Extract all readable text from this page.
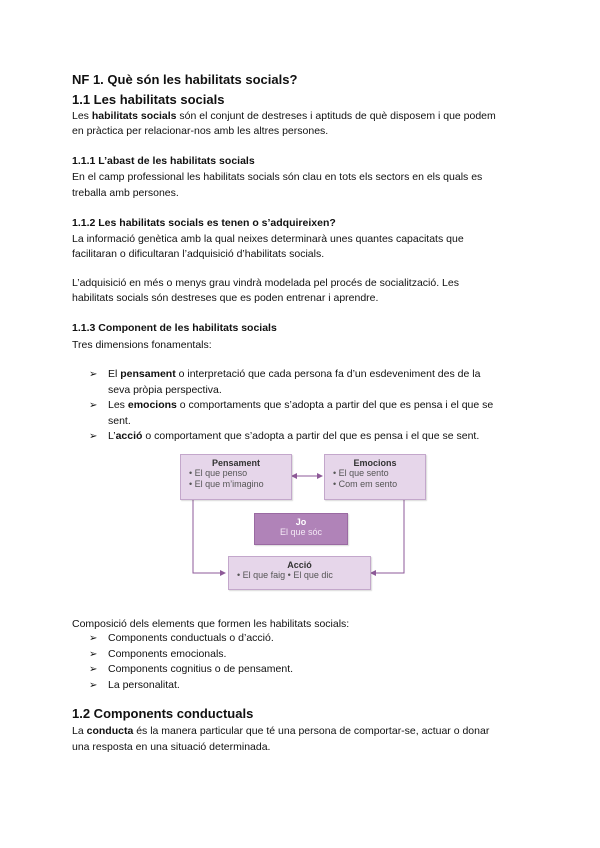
NF 1. Què són les habilitats socials?
1.1 Les habilitats socials

Les habilitats socials són el conjunt de destreses i aptituds de què disposem i que podem

en pràctica per relacionar-nos amb les altres persones.

1.1.1 L’abast de les habilitats socials

En el camp professional les habilitats socials són clau en tots els sectors en els quals es

treballa amb persones.

1.1.2 Les habilitats socials es tenen o s’adquireixen?

La informació genètica amb la qual neixes determinarà unes quantes capacitats que

facilitaran o dificultaran l’adquisició d’habilitats socials.

L’adquisició en més o menys grau vindrà modelada pel procés de socialització. Les

habilitats socials són destreses que es poden entrenar i aprendre.

1.1.3 Component de les habilitats socials

Tres dimensions fonamentals:

➢ El pensament o interpretació que cada persona fa d’un esdeveniment des de la
seva pròpia perspectiva.
➢ Les emocions o comportaments que s’adopta a partir del que es pensa i el que se
sent.
➢ L’acció o comportament que s’adopta a partir del que es pensa i el que se sent.
Pensament
• El que penso
• El que m’imagino
Emocions
• El que sento
• Com em sento
Jo
El que sóc
Acció
• El que faig • El que dic

Composició dels elements que formen les habilitats socials:

➢ Components conductuals o d’acció.
➢ Components emocionals.
➢ Components cognitius o de pensament.
➢ La personalitat.
1.2 Components conductuals

La conducta és la manera particular que té una persona de comportar-se, actuar o donar

una resposta en una situació determinada.
